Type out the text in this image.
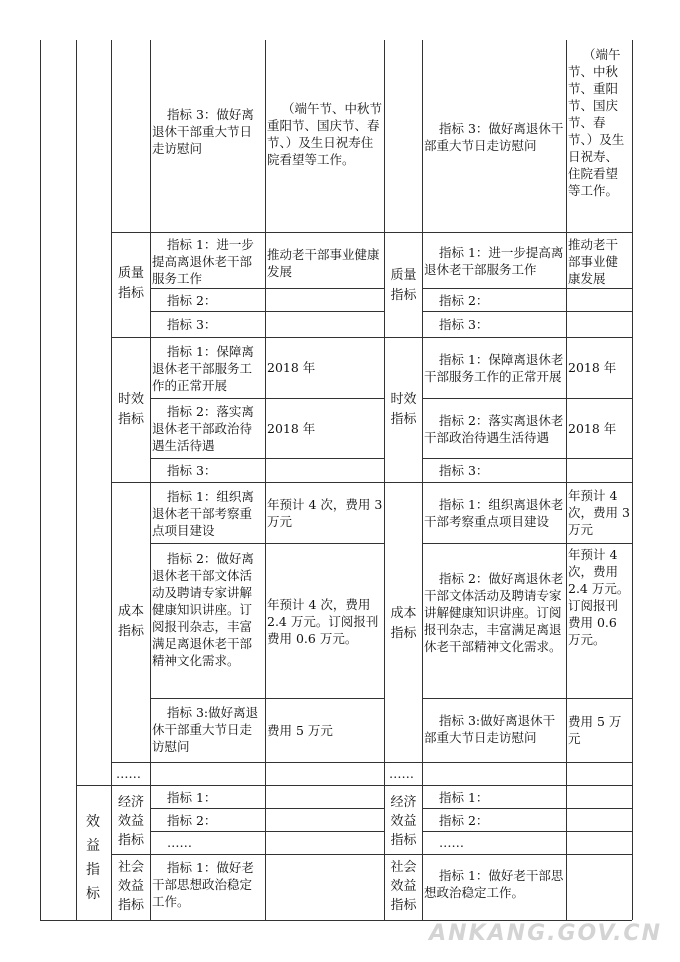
指标 3：做好离退休干部重大节日走访慰问
（端午节、中秋节重阳节、国庆节、春节、）及生日祝寿住院看望等工作。
质量指标
指标 1：进一步提高离退休老干部服务工作
推动老干部事业健康发展
指标 2：
指标 3：
时效指标
指标 1：保障离退休老干部服务工作的正常开展
2018 年
指标 2：落实离退休老干部政治待遇生活待遇
2018 年
指标 3：
成本指标
指标 1：组织离退休老干部考察重点项目建设
年预计 4 次，费用 3 万元
指标 2：做好离退休老干部文体活动及聘请专家讲解健康知识讲座。订阅报刊杂志，丰富满足离退休老干部精神文化需求。
年预计 4 次，费用 2.4 万元。订阅报刊费用 0.6 万元。
指标 3:做好离退休干部重大节日走访慰问
费用 5 万元
……
效益指标
经济效益指标
指标 1：
指标 2：
……
社会效益指标
指标 1：做好老干部思想政治稳定工作。
指标 3：做好离退休干部重大节日走访慰问
（端午节、中秋节、重阳节、国庆节、春节、）及生日祝寿、住院看望等工作。
质量指标
指标 1：进一步提高离退休老干部服务工作
推动老干部事业健康发展
指标 2：
指标 3：
时效指标
指标 1：保障离退休老干部服务工作的正常开展
2018 年
指标 2：落实离退休老干部政治待遇生活待遇
2018 年
指标 3：
成本指标
指标 1：组织离退休老干部考察重点项目建设
年预计 4 次，费用 3 万元
指标 2：做好离退休老干部文体活动及聘请专家讲解健康知识讲座。订阅报刊杂志，丰富满足离退休老干部精神文化需求。
年预计 4 次，费用 2.4 万元。订阅报刊费用 0.6 万元。
指标 3:做好离退休干部重大节日走访慰问
费用 5 万元
……
经济效益指标
指标 1：
指标 2：
……
社会效益指标
指标 1：做好老干部思想政治稳定工作。
ANKANG.GOV.CN
